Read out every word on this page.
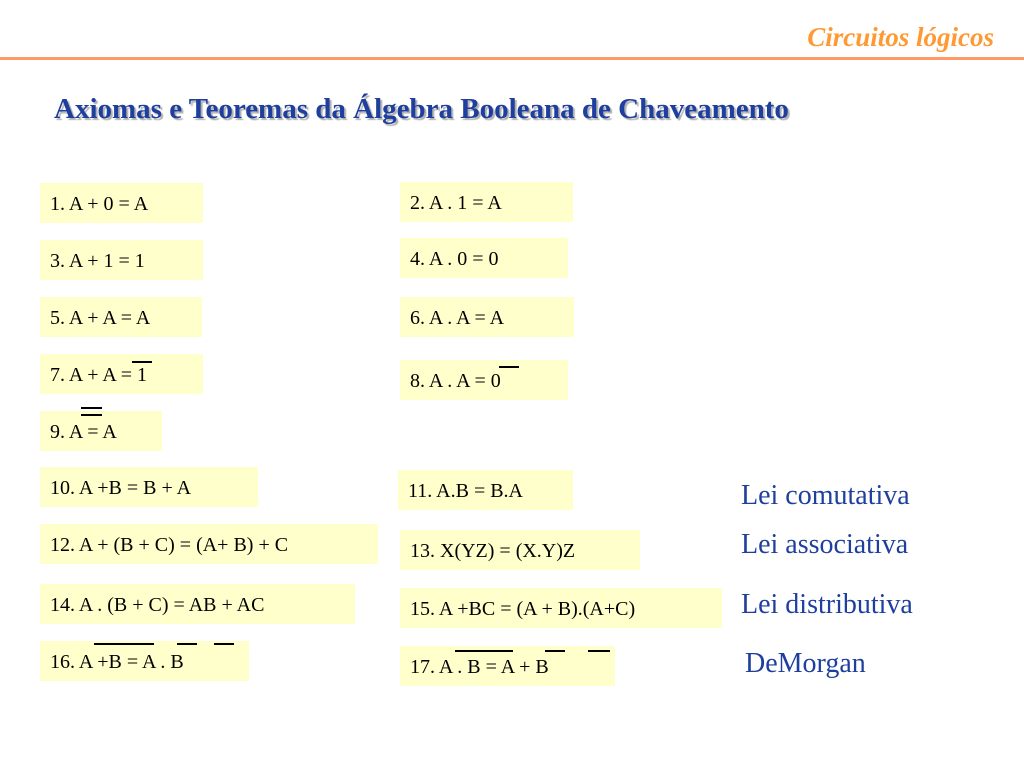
Circuitos lógicos
Axiomas e Teoremas da Álgebra Booleana de Chaveamento
1. A + 0 = A
3. A + 1 = 1
5. A + A = A
7. A + A = 1
9. A = A
10. A +B = B + A
12. A + (B + C) = (A+ B) + C
14. A . (B + C) = AB + AC
16. A +B = A . B
2. A . 1 = A
4. A . 0 = 0
6. A . A = A
8. A . A = 0
11. A.B = B.A
13. X(YZ) = (X.Y)Z
15. A +BC = (A + B).(A+C)
17. A . B = A + B
Lei comutativa
Lei associativa
Lei distributiva
DeMorgan
